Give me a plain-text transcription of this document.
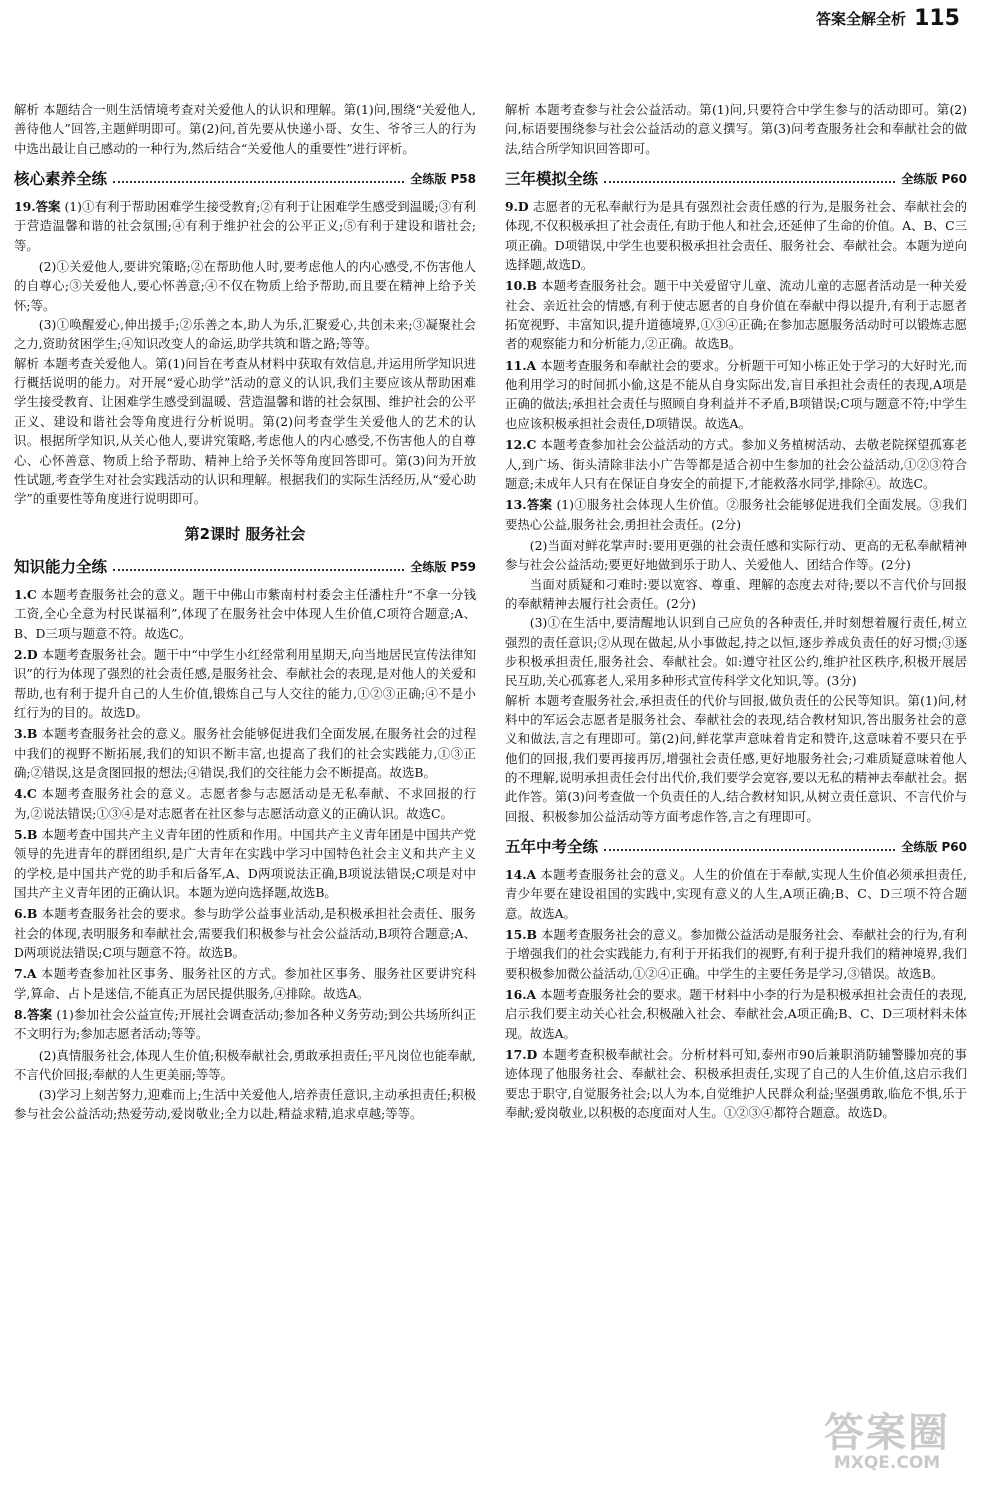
答案全解全析 115

解析 本题结合一则生活情境考查对关爱他人的认识和理解。第(1)问,围绕“关爱他人,善待他人”回答,主题鲜明即可。第(2)问,首先要从快递小哥、女生、爷爷三人的行为中选出最让自己感动的一种行为,然后结合“关爱他人的重要性”进行评析。

核心素养全练	全练版 P58

19.答案 (1)①有利于帮助困难学生接受教育;②有利于让困难学生感受到温暖;③有利于营造温馨和谐的社会氛围;④有利于维护社会的公平正义;⑤有利于建设和谐社会;等。

(2)①关爱他人,要讲究策略;②在帮助他人时,要考虑他人的内心感受,不伤害他人的自尊心;③关爱他人,要心怀善意;④不仅在物质上给予帮助,而且要在精神上给予关怀;等。

(3)①唤醒爱心,伸出援手;②乐善之本,助人为乐,汇聚爱心,共创未来;③凝聚社会之力,资助贫困学生;④知识改变人的命运,助学共筑和谐之路;等等。

解析 本题考查关爱他人。第(1)问旨在考查从材料中获取有效信息,并运用所学知识进行概括说明的能力。对开展“爱心助学”活动的意义的认识,我们主要应该从帮助困难学生接受教育、让困难学生感受到温暖、营造温馨和谐的社会氛围、维护社会的公平正义、建设和谐社会等角度进行分析说明。第(2)问考查学生关爱他人的艺术的认识。根据所学知识,从关心他人,要讲究策略,考虑他人的内心感受,不伤害他人的自尊心、心怀善意、物质上给予帮助、精神上给予关怀等角度回答即可。第(3)问为开放性试题,考查学生对社会实践活动的认识和理解。根据我们的实际生活经历,从“爱心助学”的重要性等角度进行说明即可。

第2课时 服务社会
知识能力全练	全练版 P59

1.C 本题考查服务社会的意义。题干中佛山市紫南村村委会主任潘柱升“不拿一分钱工资,全心全意为村民谋福利”,体现了在服务社会中体现人生价值,C项符合题意;A、B、D三项与题意不符。故选C。

2.D 本题考查服务社会。题干中“中学生小红经常利用星期天,向当地居民宣传法律知识”的行为体现了强烈的社会责任感,是服务社会、奉献社会的表现,是对他人的关爱和帮助,也有利于提升自己的人生价值,锻炼自己与人交往的能力,①②③正确;④不是小红行为的目的。故选D。

3.B 本题考查服务社会的意义。服务社会能够促进我们全面发展,在服务社会的过程中我们的视野不断拓展,我们的知识不断丰富,也提高了我们的社会实践能力,①③正确;②错误,这是贪图回报的想法;④错误,我们的交往能力会不断提高。故选B。

4.C 本题考查服务社会的意义。志愿者参与志愿活动是无私奉献、不求回报的行为,②说法错误;①③④是对志愿者在社区参与志愿活动意义的正确认识。故选C。

5.B 本题考查中国共产主义青年团的性质和作用。中国共产主义青年团是中国共产党领导的先进青年的群团组织,是广大青年在实践中学习中国特色社会主义和共产主义的学校,是中国共产党的助手和后备军,A、D两项说法正确,B项说法错误;C项是对中国共产主义青年团的正确认识。本题为逆向选择题,故选B。

6.B 本题考查服务社会的要求。参与助学公益事业活动,是积极承担社会责任、服务社会的体现,表明服务和奉献社会,需要我们积极参与社会公益活动,B项符合题意;A、D两项说法错误;C项与题意不符。故选B。

7.A 本题考查参加社区事务、服务社区的方式。参加社区事务、服务社区要讲究科学,算命、占卜是迷信,不能真正为居民提供服务,④排除。故选A。

8.答案 (1)参加社会公益宣传;开展社会调查活动;参加各种义务劳动;到公共场所纠正不文明行为;参加志愿者活动;等等。

(2)真情服务社会,体现人生价值;积极奉献社会,勇敢承担责任;平凡岗位也能奉献,不言代价回报;奉献的人生更美丽;等等。

(3)学习上刻苦努力,迎难而上;生活中关爱他人,培养责任意识,主动承担责任;积极参与社会公益活动;热爱劳动,爱岗敬业;全力以赴,精益求精,追求卓越;等等。

解析 本题考查参与社会公益活动。第(1)问,只要符合中学生参与的活动即可。第(2)问,标语要围绕参与社会公益活动的意义撰写。第(3)问考查服务社会和奉献社会的做法,结合所学知识回答即可。

三年模拟全练	全练版 P60

9.D 志愿者的无私奉献行为是具有强烈社会责任感的行为,是服务社会、奉献社会的体现,不仅积极承担了社会责任,有助于他人和社会,还延伸了生命的价值。A、B、C三项正确。D项错误,中学生也要积极承担社会责任、服务社会、奉献社会。本题为逆向选择题,故选D。

10.B 本题考查服务社会。题干中关爱留守儿童、流动儿童的志愿者活动是一种关爱社会、亲近社会的情感,有利于使志愿者的自身价值在奉献中得以提升,有利于志愿者拓宽视野、丰富知识,提升道德境界,①③④正确;在参加志愿服务活动时可以锻炼志愿者的观察能力和分析能力,②正确。故选B。

11.A 本题考查服务和奉献社会的要求。分析题干可知小栋正处于学习的大好时光,而他利用学习的时间抓小偷,这是不能从自身实际出发,盲目承担社会责任的表现,A项是正确的做法;承担社会责任与照顾自身利益并不矛盾,B项错误;C项与题意不符;中学生也应该积极承担社会责任,D项错误。故选A。

12.C 本题考查参加社会公益活动的方式。参加义务植树活动、去敬老院探望孤寡老人,到广场、街头清除非法小广告等都是适合初中生参加的社会公益活动,①②③符合题意;未成年人只有在保证自身安全的前提下,才能救落水同学,排除④。故选C。

13.答案 (1)①服务社会体现人生价值。②服务社会能够促进我们全面发展。③我们要热心公益,服务社会,勇担社会责任。(2分)

(2)当面对鲜花掌声时:要用更强的社会责任感和实际行动、更高的无私奉献精神参与社会公益活动;要更好地做到乐于助人、关爱他人、团结合作等。(2分)

当面对质疑和刁难时:要以宽容、尊重、理解的态度去对待;要以不言代价与回报的奉献精神去履行社会责任。(2分)

(3)①在生活中,要清醒地认识到自己应负的各种责任,并时刻想着履行责任,树立强烈的责任意识;②从现在做起,从小事做起,持之以恒,逐步养成负责任的好习惯;③逐步积极承担责任,服务社会、奉献社会。如:遵守社区公约,维护社区秩序,积极开展居民互助,关心孤寡老人,采用多种形式宣传科学文化知识,等。(3分)

解析 本题考查服务社会,承担责任的代价与回报,做负责任的公民等知识。第(1)问,材料中的军运会志愿者是服务社会、奉献社会的表现,结合教材知识,答出服务社会的意义和做法,言之有理即可。第(2)问,鲜花掌声意味着肯定和赞许,这意味着不要只在乎他们的回报,我们要再接再厉,增强社会责任感,更好地服务社会;刁难质疑意味着他人的不理解,说明承担责任会付出代价,我们要学会宽容,要以无私的精神去奉献社会。据此作答。第(3)问考查做一个负责任的人,结合教材知识,从树立责任意识、不言代价与回报、积极参加公益活动等方面考虑作答,言之有理即可。

五年中考全练	全练版 P60

14.A 本题考查服务社会的意义。人生的价值在于奉献,实现人生价值必须承担责任,青少年要在建设祖国的实践中,实现有意义的人生,A项正确;B、C、D三项不符合题意。故选A。

15.B 本题考查服务社会的意义。参加微公益活动是服务社会、奉献社会的行为,有利于增强我们的社会实践能力,有利于开拓我们的视野,有利于提升我们的精神境界,我们要积极参加微公益活动,①②④正确。中学生的主要任务是学习,③错误。故选B。

16.A 本题考查服务社会的要求。题干材料中小李的行为是积极承担社会责任的表现,启示我们要主动关心社会,积极融入社会、奉献社会,A项正确;B、C、D三项材料未体现。故选A。

17.D 本题考查积极奉献社会。分析材料可知,泰州市90后兼职消防辅警滕加亮的事迹体现了他服务社会、奉献社会、积极承担责任,实现了自己的人生价值,这启示我们要忠于职守,自觉服务社会;以人为本,自觉维护人民群众利益;坚强勇敢,临危不惧,乐于奉献;爱岗敬业,以积极的态度面对人生。①②③④都符合题意。故选D。

答案圈
MXQE.COM
